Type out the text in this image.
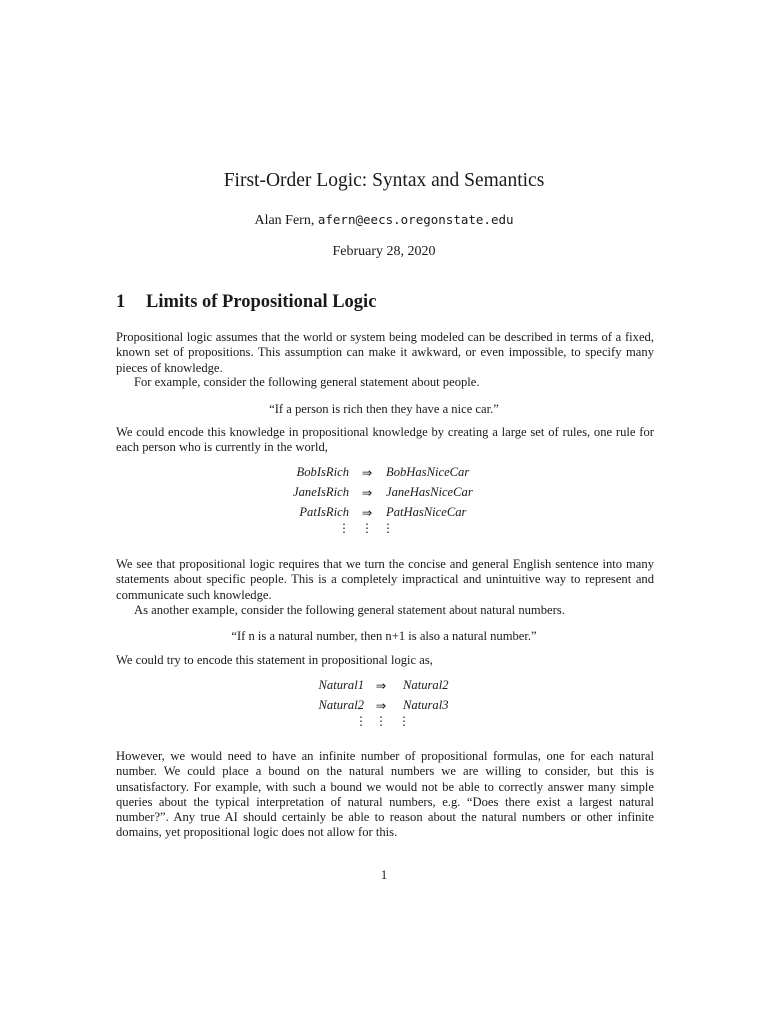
First-Order Logic: Syntax and Semantics
Alan Fern, afern@eecs.oregonstate.edu
February 28, 2020
1 Limits of Propositional Logic
Propositional logic assumes that the world or system being modeled can be described in terms of a fixed, known set of propositions. This assumption can make it awkward, or even impossible, to specify many pieces of knowledge.
For example, consider the following general statement about people.
“If a person is rich then they have a nice car.”
We could encode this knowledge in propositional knowledge by creating a large set of rules, one rule for each person who is currently in the world,
BobIsRich ⇒ BobHasNiceCar
JaneIsRich ⇒ JaneHasNiceCar
PatIsRich ⇒ PatHasNiceCar
⋮ ⋮ ⋮
We see that propositional logic requires that we turn the concise and general English sentence into many statements about specific people. This is a completely impractical and unintuitive way to represent and communicate such knowledge.
As another example, consider the following general statement about natural numbers.
“If n is a natural number, then n+1 is also a natural number.”
We could try to encode this statement in propositional logic as,
Natural1 ⇒ Natural2
Natural2 ⇒ Natural3
⋮ ⋮ ⋮
However, we would need to have an infinite number of propositional formulas, one for each natural number. We could place a bound on the natural numbers we are willing to consider, but this is unsatisfactory. For example, with such a bound we would not be able to correctly answer many simple queries about the typical interpretation of natural numbers, e.g. “Does there exist a largest natural number?”. Any true AI should certainly be able to reason about the natural numbers or other infinite domains, yet propositional logic does not allow for this.
1
